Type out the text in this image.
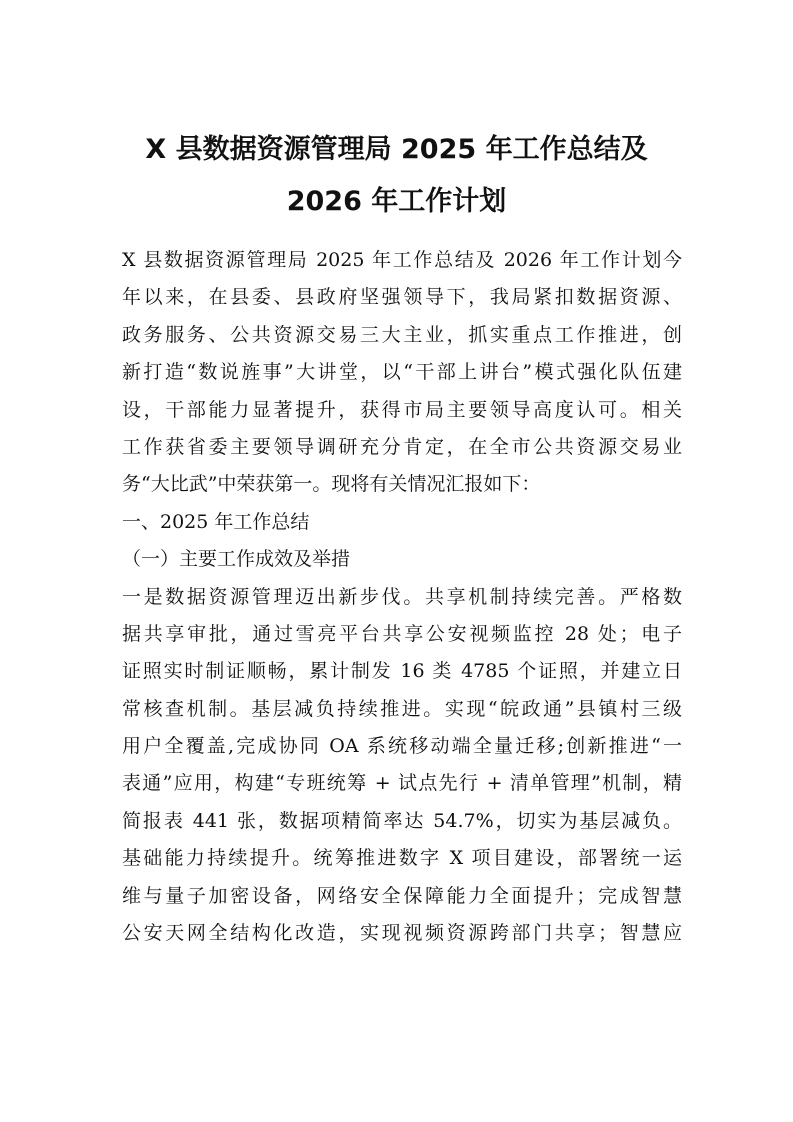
X 县数据资源管理局 2025 年工作总结及
2026 年工作计划
X 县数据资源管理局 2025 年工作总结及 2026 年工作计划今
年以来，在县委、县政府坚强领导下，我局紧扣数据资源、
政务服务、公共资源交易三大主业，抓实重点工作推进，创
新打造“数说旌事”大讲堂，以“干部上讲台”模式强化队伍建
设，干部能力显著提升，获得市局主要领导高度认可。相关
工作获省委主要领导调研充分肯定，在全市公共资源交易业
务“大比武”中荣获第一。现将有关情况汇报如下：
一、2025 年工作总结
（一）主要工作成效及举措
一是数据资源管理迈出新步伐。共享机制持续完善。严格数
据共享审批，通过雪亮平台共享公安视频监控 28 处；电子
证照实时制证顺畅，累计制发 16 类 4785 个证照，并建立日
常核查机制。基层减负持续推进。实现“皖政通”县镇村三级
用户全覆盖,完成协同 OA 系统移动端全量迁移;创新推进“一
表通”应用，构建“专班统筹 + 试点先行 + 清单管理”机制，精
简报表 441 张，数据项精简率达 54.7%，切实为基层减负。
基础能力持续提升。统筹推进数字 X 项目建设，部署统一运
维与量子加密设备，网络安全保障能力全面提升；完成智慧
公安天网全结构化改造，实现视频资源跨部门共享；智慧应
